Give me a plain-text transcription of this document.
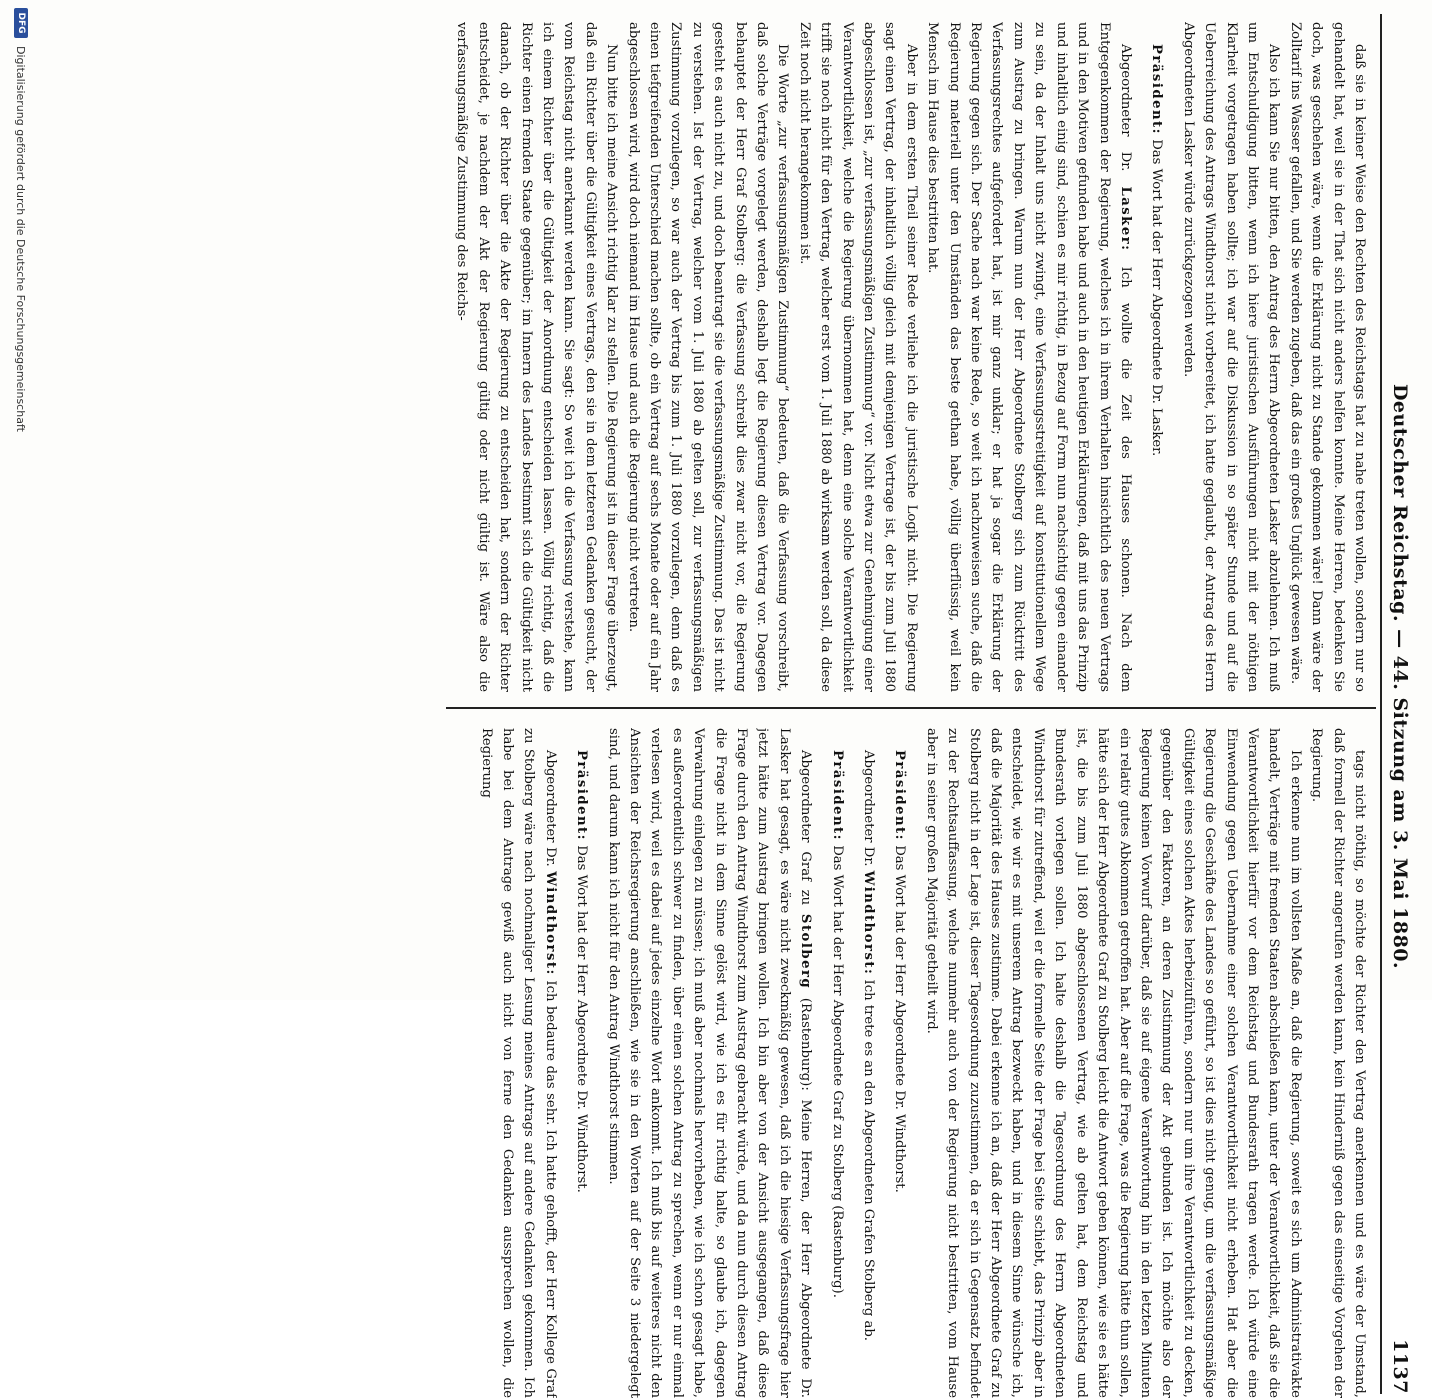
Deutscher Reichstag. — 44. Sitzung am 3. Mai 1880.
1137

daß sie in keiner Weise den Rechten des Reichstags hat zu nahe treten wollen, sondern nur so gehandelt hat, weil sie in der That sich nicht anders helfen konnte. Meine Herren, bedenken Sie doch, was geschehen wäre, wenn die Erklärung nicht zu Stande gekommen wäre! Dann wäre der Zolltarif ins Wasser gefallen, und Sie werden zugeben, daß das ein großes Unglück gewesen wäre.

Also ich kann Sie nur bitten, den Antrag des Herrn Abgeordneten Lasker abzulehnen. Ich muß um Entschuldigung bitten, wenn ich hiere juristischen Ausführungen nicht mit der nöthigen Klarheit vorgetragen haben sollte; ich war auf die Diskussion in so später Stunde und auf die Ueberreichung des Antrags Windthorst nicht vorbereitet, ich hatte geglaubt, der Antrag des Herrn Abgeordneten Lasker würde zurückgezogen werden.

Präsident: Das Wort hat der Herr Abgeordnete Dr. Lasker.

Abgeordneter Dr. Lasker: Ich wollte die Zeit des Hauses schonen. Nach dem Entgegenkommen der Regierung, welches ich in ihrem Verhalten hinsichtlich des neuen Vertrags und in den Motiven gefunden habe und auch in den heutigen Erklärungen, daß mit uns das Prinzip und inhaltlich einig sind, schien es mir richtig, in Bezug auf Form nun nachsichtig gegen einander zu sein, da der Inhalt uns nicht zwingt, eine Verfassungsstreitigkeit auf konstitutionellem Wege zum Austrag zu bringen. Warum nun der Herr Abgeordnete Stolberg sich zum Rücktritt des Verfassungsrechtes aufgefordert hat, ist mir ganz unklar; er hat ja sogar die Erklärung der Regierung gegen sich. Der Sache nach war keine Rede, so weit ich nachzuweisen suche, daß die Regierung materiell unter den Umständen das beste gethan habe, völlig überflüssig, weil kein Mensch im Hause dies bestritten hat.

Aber in dem ersten Theil seiner Rede verliehe ich die juristische Logik nicht. Die Regierung sagt einen Vertrag, der inhaltlich völlig gleich mit demjenigen Vertrage ist, der bis zum Juli 1880 abgeschlossen ist, „zur verfassungsmäßigen Zustimmung“ vor. Nicht etwa zur Genehmigung einer Verantwortlichkeit, welche die Regierung übernommen hat, denn eine solche Verantwortlichkeit trifft sie noch nicht für den Vertrag, welcher erst vom 1. Juli 1880 ab wirksam werden soll, da diese Zeit noch nicht herangekommen ist.

Die Worte „zur verfassungsmäßigen Zustimmung“ bedeuten, daß die Verfassung vorschreibt, daß solche Verträge vorgelegt werden, deshalb legt die Regierung diesen Vertrag vor. Dagegen behauptet der Herr Graf Stolberg: die Verfassung schreibt dies zwar nicht vor, die Regierung gesteht es auch nicht zu, und doch beantragt sie die verfassungsmäßige Zustimmung. Das ist nicht zu verstehen. Ist der Vertrag, welcher vom 1. Juli 1880 ab gelten soll, zur verfassungsmäßigen Zustimmung vorzulegen, so war auch der Vertrag bis zum 1. Juli 1880 vorzulegen, denn daß es einen tiefgreifenden Unterschied machen sollte, ob ein Vertrag auf sechs Monate oder auf ein Jahr abgeschlossen wird, wird doch niemand im Hause und auch die Regierung nicht vertreten.

Nun bitte ich meine Ansicht richtig klar zu stellen. Die Regierung ist in dieser Frage überzeugt, daß ein Richter über die Gültigkeit eines Vertrags, den sie in dem letzteren Gedanken gesucht, der vom Reichstag nicht anerkannt werden kann. Sie sagt: So weit ich die Verfassung verstehe, kann ich einem Richter über die Gültigkeit der Anordnung entscheiden lassen. Völlig richtig, daß die Richter einen fremden Staate gegenüber; im Innern des Landes bestimmt sich die Gültigkeit nicht danach, ob der Richter über die Akte der Regierung zu entscheiden hat, sondern der Richter entscheidet, je nachdem der Akt der Regierung gültig oder nicht gültig ist. Wäre also die verfassungsmäßige Zustimmung des Reichs-

tags nicht nöthig, so möchte der Richter den Vertrag anerkennen und es wäre der Umstand, daß formell der Richter angerufen werden kann, kein Hinderniß gegen das einseitige Vorgehen der Regierung.

Ich erkenne nun im vollsten Maße an, daß die Regierung, soweit es sich um Administrativakte handelt, Verträge mit fremden Staaten abschließen kann, unter der Verantwortlichkeit, daß sie die Verantwortlichkeit hierfür vor dem Reichstag und Bundesrath tragen werde. Ich würde eine Einwendung gegen Uebernahme einer solchen Verantwortlichkeit nicht erheben. Hat aber die Regierung die Geschäfte des Landes so geführt, so ist dies nicht genug, um die verfassungsmäßige Gültigkeit eines solchen Aktes herbeizuführen, sondern nur um ihre Verantwortlichkeit zu decken, gegenüber den Faktoren, an deren Zustimmung der Akt gebunden ist. Ich möchte also der Regierung keinen Vorwurf darüber, daß sie auf eigene Verantwortung hin in den letzten Minuten ein relativ gutes Abkommen getroffen hat. Aber auf die Frage, was die Regierung hätte thun sollen, hätte sich der Herr Abgeordnete Graf zu Stolberg leicht die Antwort geben können, wie sie es hätte ist, die bis zum Juli 1880 abgeschlossenen Vertrag, wie ab gelten hat, dem Reichstag und Bundesrath vorlegen sollen. Ich halte deshalb die Tagesordnung des Herrn Abgeordneten Windthorst für zutreffend, weil er die formelle Seite der Frage bei Seite schiebt, das Prinzip aber in entscheidet, wie wir es mit unserem Antrag bezweckt haben, und in diesem Sinne wünsche ich, daß die Majorität des Hauses zustimme. Dabei erkenne ich an, daß der Herr Abgeordnete Graf zu Stolberg nicht in der Lage ist, dieser Tagesordnung zuzustimmen, da er sich in Gegensatz befindet zu der Rechtsauffassung, welche nunmehr auch von der Regierung nicht bestritten, vom Hause aber in seiner großen Majorität getheilt wird.

Präsident: Das Wort hat der Herr Abgeordnete Dr. Windthorst.

Abgeordneter Dr. Windthorst: Ich trete es an den Abgeordneten Grafen Stolberg ab.

Präsident: Das Wort hat der Herr Abgeordnete Graf zu Stolberg (Rastenburg).

Abgeordneter Graf zu Stolberg (Rastenburg): Meine Herren, der Herr Abgeordnete Dr. Lasker hat gesagt, es wäre nicht zweckmäßig gewesen, daß ich die hiesige Verfassungsfrage hier jetzt hätte zum Austrag bringen wollen. Ich bin aber von der Ansicht ausgegangen, daß diese Frage durch den Antrag Windthorst zum Austrag gebracht würde, und da nun durch diesen Antrag die Frage nicht in dem Sinne gelöst wird, wie ich es für richtig halte, so glaube ich, dagegen Verwahrung einlegen zu müssen; ich muß aber nochmals hervorheben, wie ich schon gesagt habe, es außerordentlich schwer zu finden, über einen solchen Antrag zu sprechen, wenn er nur einmal verlesen wird, weil es dabei auf jedes einzelne Wort ankommt. Ich muß bis auf weiteres nicht den Ansichten der Reichsregierung anschließen, wie sie in den Worten auf der Seite 3 niedergelegt sind, und darum kann ich nicht für den Antrag Windthorst stimmen.

Präsident: Das Wort hat der Herr Abgeordnete Dr. Windthorst.

Abgeordneter Dr. Windthorst: Ich bedaure das sehr. Ich hatte gehofft, der Herr Kollege Graf zu Stolberg wäre nach nochmaliger Lesung meines Antrags auf andere Gedanken gekommen. Ich habe bei dem Antrage gewiß auch nicht von ferne den Gedanken aussprechen wollen, die Regierung

DFG
Digitalisierung gefördert durch die Deutsche Forschungsgemeinschaft
